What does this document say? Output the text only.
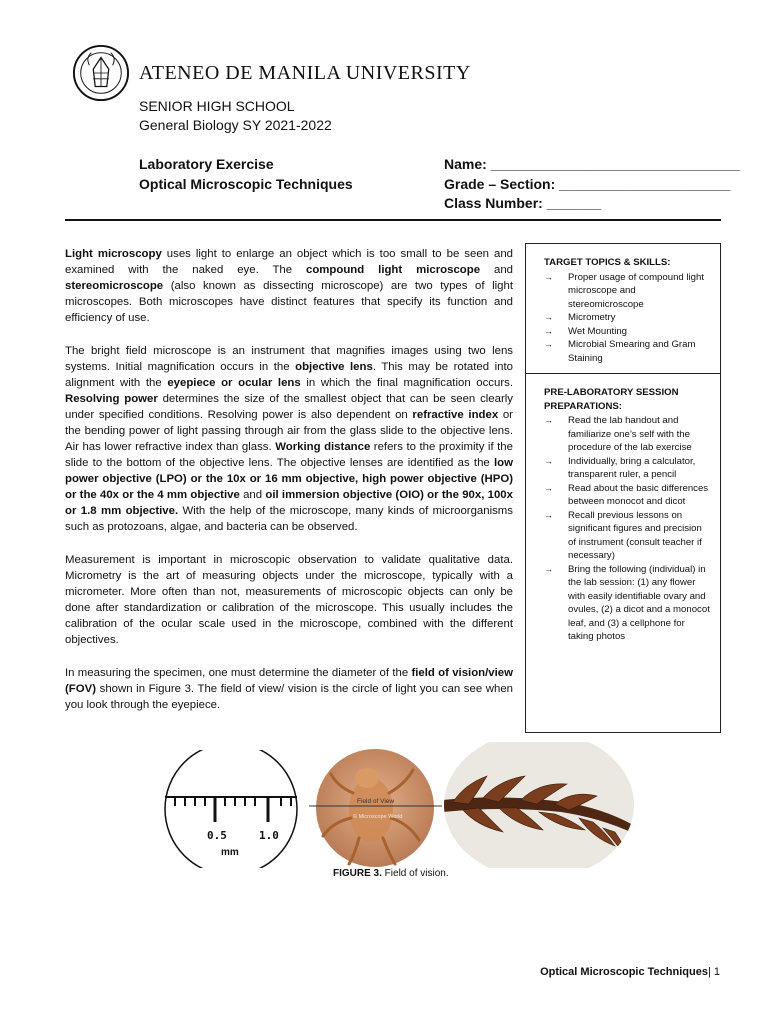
ATENEO DE MANILA UNIVERSITY
SENIOR HIGH SCHOOL
General Biology SY 2021-2022
Laboratory Exercise
Optical Microscopic Techniques
Name: ________________________________
Grade – Section: ______________________
Class Number: _______

Light microscopy uses light to enlarge an object which is too small to be seen and examined with the naked eye. The compound light microscope and stereomicroscope (also known as dissecting microscope) are two types of light microscopes. Both microscopes have distinct features that specify its function and efficiency of use.

The bright field microscope is an instrument that magnifies images using two lens systems. Initial magnification occurs in the objective lens. This may be rotated into alignment with the eyepiece or ocular lens in which the final magnification occurs. Resolving power determines the size of the smallest object that can be seen clearly under specified conditions. Resolving power is also dependent on refractive index or the bending power of light passing through air from the glass slide to the objective lens. Air has lower refractive index than glass. Working distance refers to the proximity if the slide to the bottom of the objective lens. The objective lenses are identified as the low power objective (LPO) or the 10x or 16 mm objective, high power objective (HPO) or the 40x or the 4 mm objective and oil immersion objective (OIO) or the 90x, 100x or 1.8 mm objective. With the help of the microscope, many kinds of microorganisms such as protozoans, algae, and bacteria can be observed.

Measurement is important in microscopic observation to validate qualitative data. Micrometry is the art of measuring objects under the microscope, typically with a micrometer. More often than not, measurements of microscopic objects can only be done after standardization or calibration of the microscope. This usually includes the calibration of the ocular scale used in the microscope, combined with the different objectives.

In measuring the specimen, one must determine the diameter of the field of vision/view (FOV) shown in Figure 3. The field of view/ vision is the circle of light you can see when you look through the eyepiece.

TARGET TOPICS & SKILLS:
→ Proper usage of compound light microscope and stereomicroscope
→ Micrometry
→ Wet Mounting
→ Microbial Smearing and Gram Staining
PRE-LABORATORY SESSION PREPARATIONS:
→ Read the lab handout and familiarize one’s self with the procedure of the lab exercise
→ Individually, bring a calculator, transparent ruler, a pencil
→ Read about the basic differences between monocot and dicot
→ Recall previous lessons on significant figures and precision of instrument (consult teacher if necessary)
→ Bring the following (individual) in the lab session: (1) any flower with easily identifiable ovary and ovules, (2) a dicot and a monocot leaf, and (3) a cellphone for taking photos
0.5	1.0
mm
Field of View
© Microscope World
FIGURE 3. Field of vision.
Optical Microscopic Techniques| 1
